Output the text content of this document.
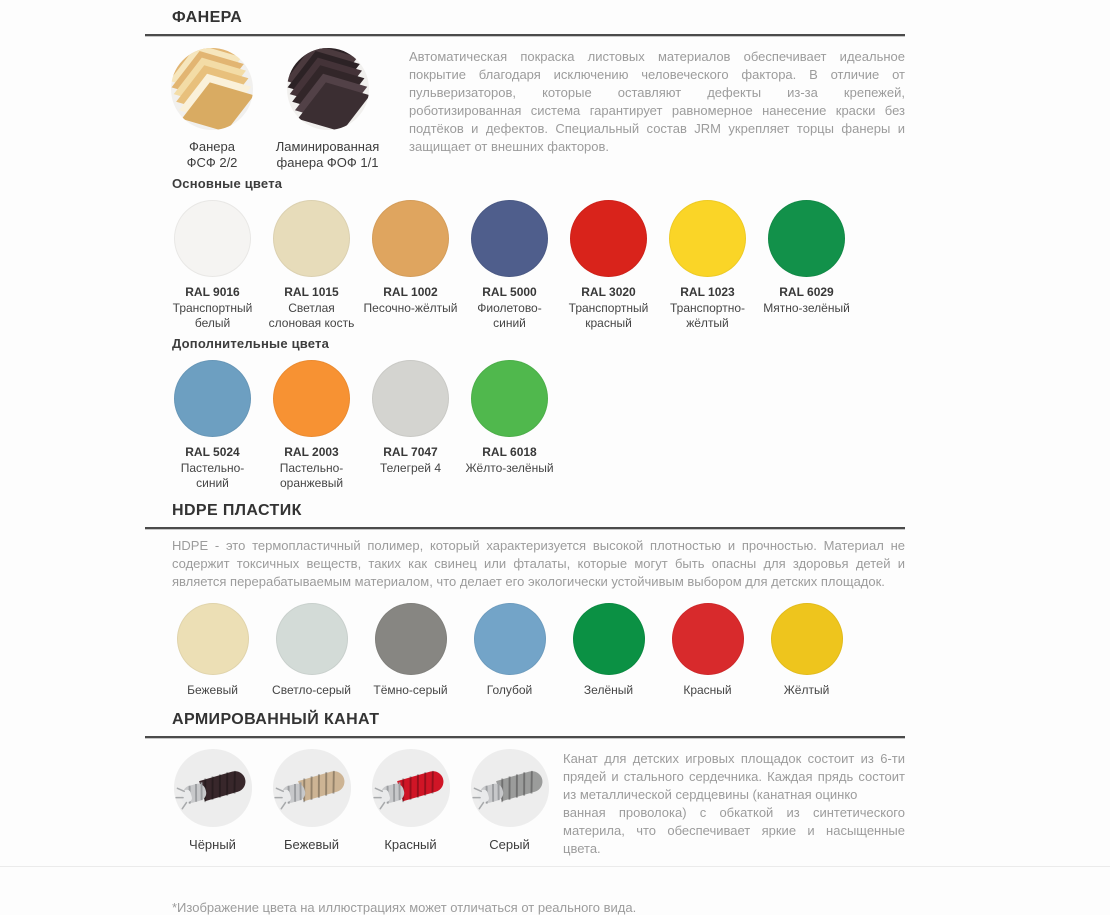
ФАНЕРА
Фанера ФСФ 2/2
Ламинированная фанера ФОФ 1/1

Автоматическая покраска листовых материалов обеспечивает идеальное покрытие благодаря исключению человеческого фактора. В отличие от пульверизаторов, которые оставляют дефекты из-за крепежей, роботизированная система гарантирует равномерное нанесение краски без подтёков и дефектов. Специальный состав JRM укрепляет торцы фанеры и защищает от внешних факторов.

Основные цвета
RAL 9016
Транспортный белый
RAL 1015
Светлая слоновая кость
RAL 1002
Песочно-жёлтый
RAL 5000
Фиолетово-синий
RAL 3020
Транспортный красный
RAL 1023
Транспортно-жёлтый
RAL 6029
Мятно-зелёный
Дополнительные цвета
RAL 5024
Пастельно-синий
RAL 2003
Пастельно-оранжевый
RAL 7047
Телегрей 4
RAL 6018
Жёлто-зелёный
HDPE ПЛАСТИК

HDPE - это термопластичный полимер, который характеризуется высокой плотностью и прочностью. Материал не содержит токсичных веществ, таких как свинец или фталаты, которые могут быть опасны для здоровья детей и является перерабатываемым материалом, что делает его экологически устойчивым выбором для детских площадок.

Бежевый	Светло-серый Тёмно-серый	Голубой	Зелёный	Красный	Жёлтый
АРМИРОВАННЫЙ КАНАТ
Чёрный	Бежевый	Красный	Серый

Канат для детских игровых площадок состоит из 6-ти прядей и стального сердечника. Каждая прядь состоит из металлической сердцевины (канатная оцинко
ванная проволока) с обкаткой из синтетического материла, что обеспечивает яркие и насыщенные цвета.

*Изображение цвета на иллюстрациях может отличаться от реального вида.
